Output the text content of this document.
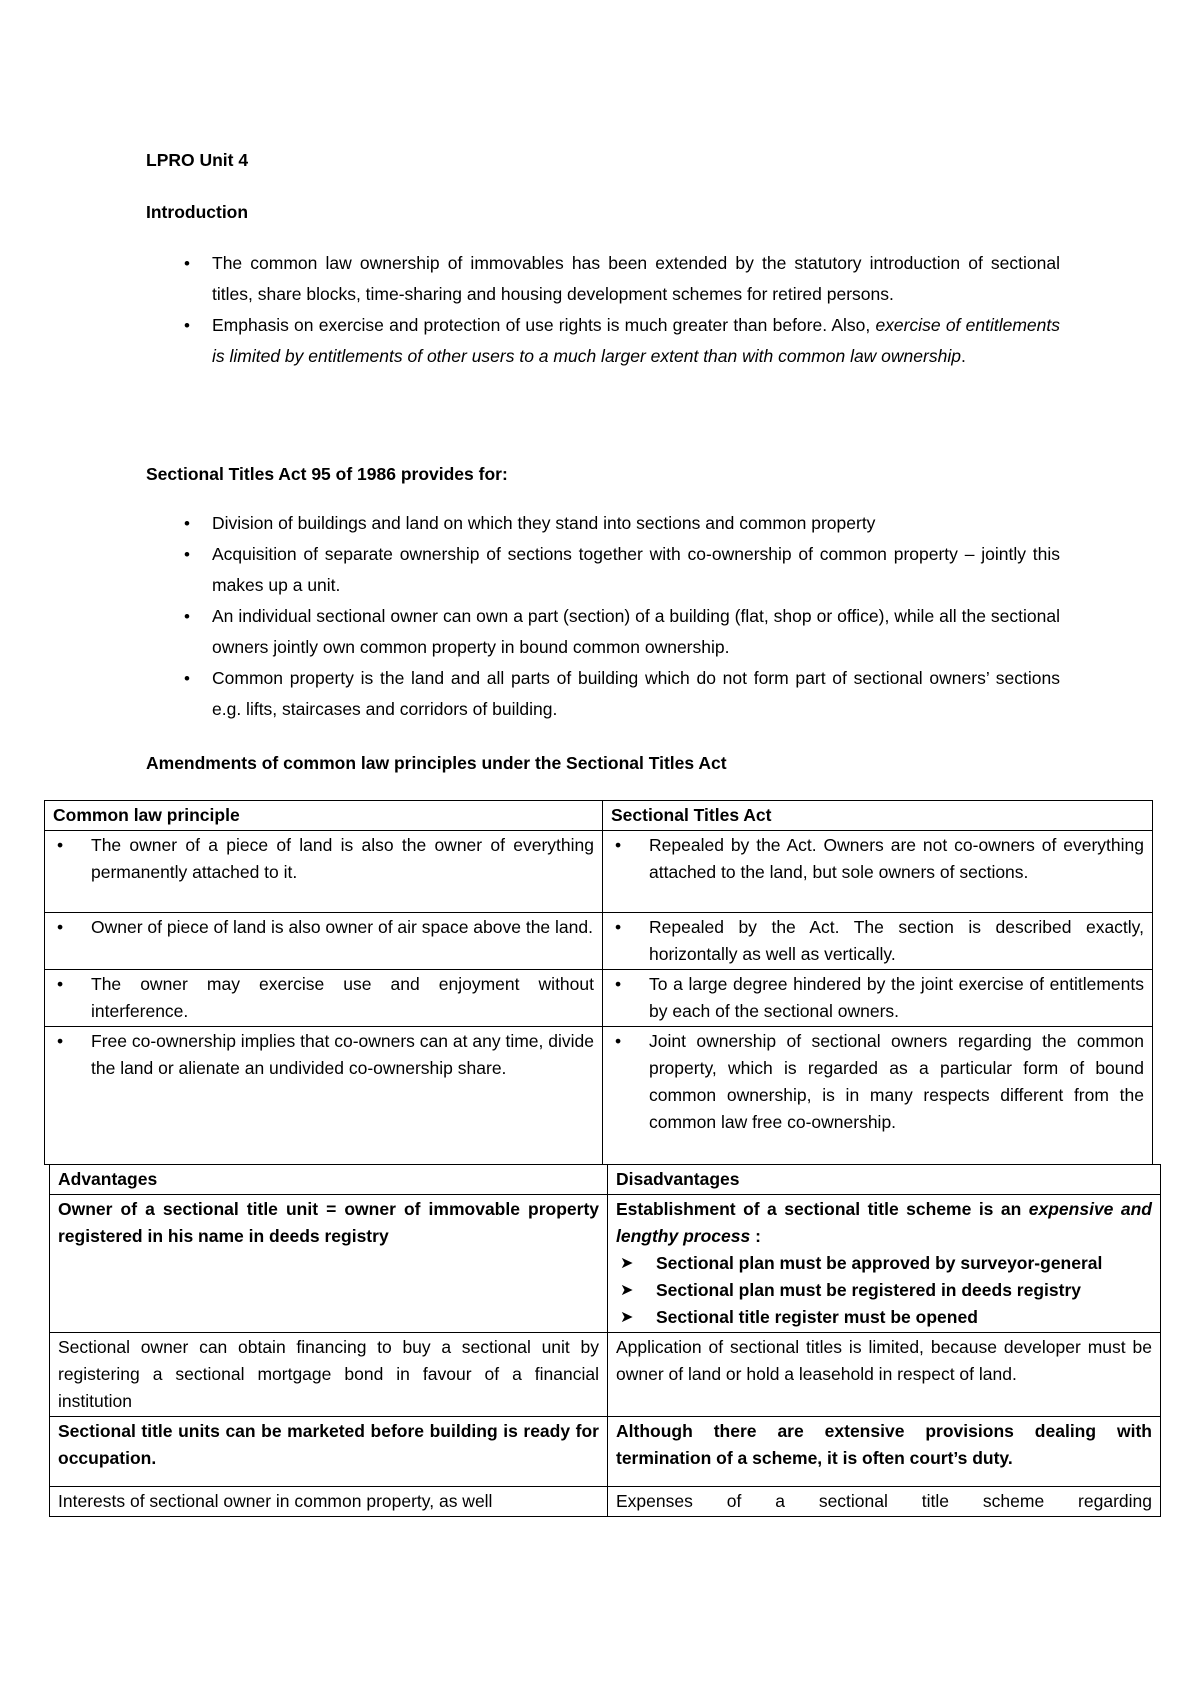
LPRO Unit 4
Introduction
• The common law ownership of immovables has been extended by the statutory introduction of sectional titles, share blocks, time-sharing and housing development schemes for retired persons.
• Emphasis on exercise and protection of use rights is much greater than before. Also, exercise of entitlements is limited by entitlements of other users to a much larger extent than with common law ownership.
Sectional Titles Act 95 of 1986 provides for:
• Division of buildings and land on which they stand into sections and common property
• Acquisition of separate ownership of sections together with co-ownership of common property – jointly this makes up a unit.
• An individual sectional owner can own a part (section) of a building (flat, shop or office), while all the sectional owners jointly own common property in bound common ownership.
• Common property is the land and all parts of building which do not form part of sectional owners’ sections e.g. lifts, staircases and corridors of building.
Amendments of common law principles under the Sectional Titles Act
Common law principle	Sectional Titles Act

• The owner of a piece of land is also the owner of everything permanently attached to it.	• Repealed by the Act. Owners are not co-owners of everything attached to the land, but sole owners of sections.

• Owner of piece of land is also owner of air space above the land.	• Repealed by the Act. The section is described exactly, horizontally as well as vertically.

• The owner may exercise use and enjoyment without interference.	• To a large degree hindered by the joint exercise of entitlements by each of the sectional owners.

• Free co-ownership implies that co-owners can at any time, divide the land or alienate an undivided co-ownership share.	• Joint ownership of sectional owners regarding the common property, which is regarded as a particular form of bound common ownership, is in many respects different from the common law free co-ownership.
Advantages	Disadvantages
Owner of a sectional title unit = owner of immovable property registered in his name in deeds registry	Establishment of a sectional title scheme is an expensive and lengthy process :
➤ Sectional plan must be approved by surveyor-general
➤ Sectional plan must be registered in deeds registry
➤ Sectional title register must be opened

Sectional owner can obtain financing to buy a sectional unit by registering a sectional mortgage bond in favour of a financial institution	Application of sectional titles is limited, because developer must be owner of land or hold a leasehold in respect of land.
Sectional title units can be marketed before building is ready for occupation.	Although there are extensive provisions dealing with termination of a scheme, it is often court’s duty.
Interests of sectional owner in common property, as well	Expenses of a sectional title scheme regarding
